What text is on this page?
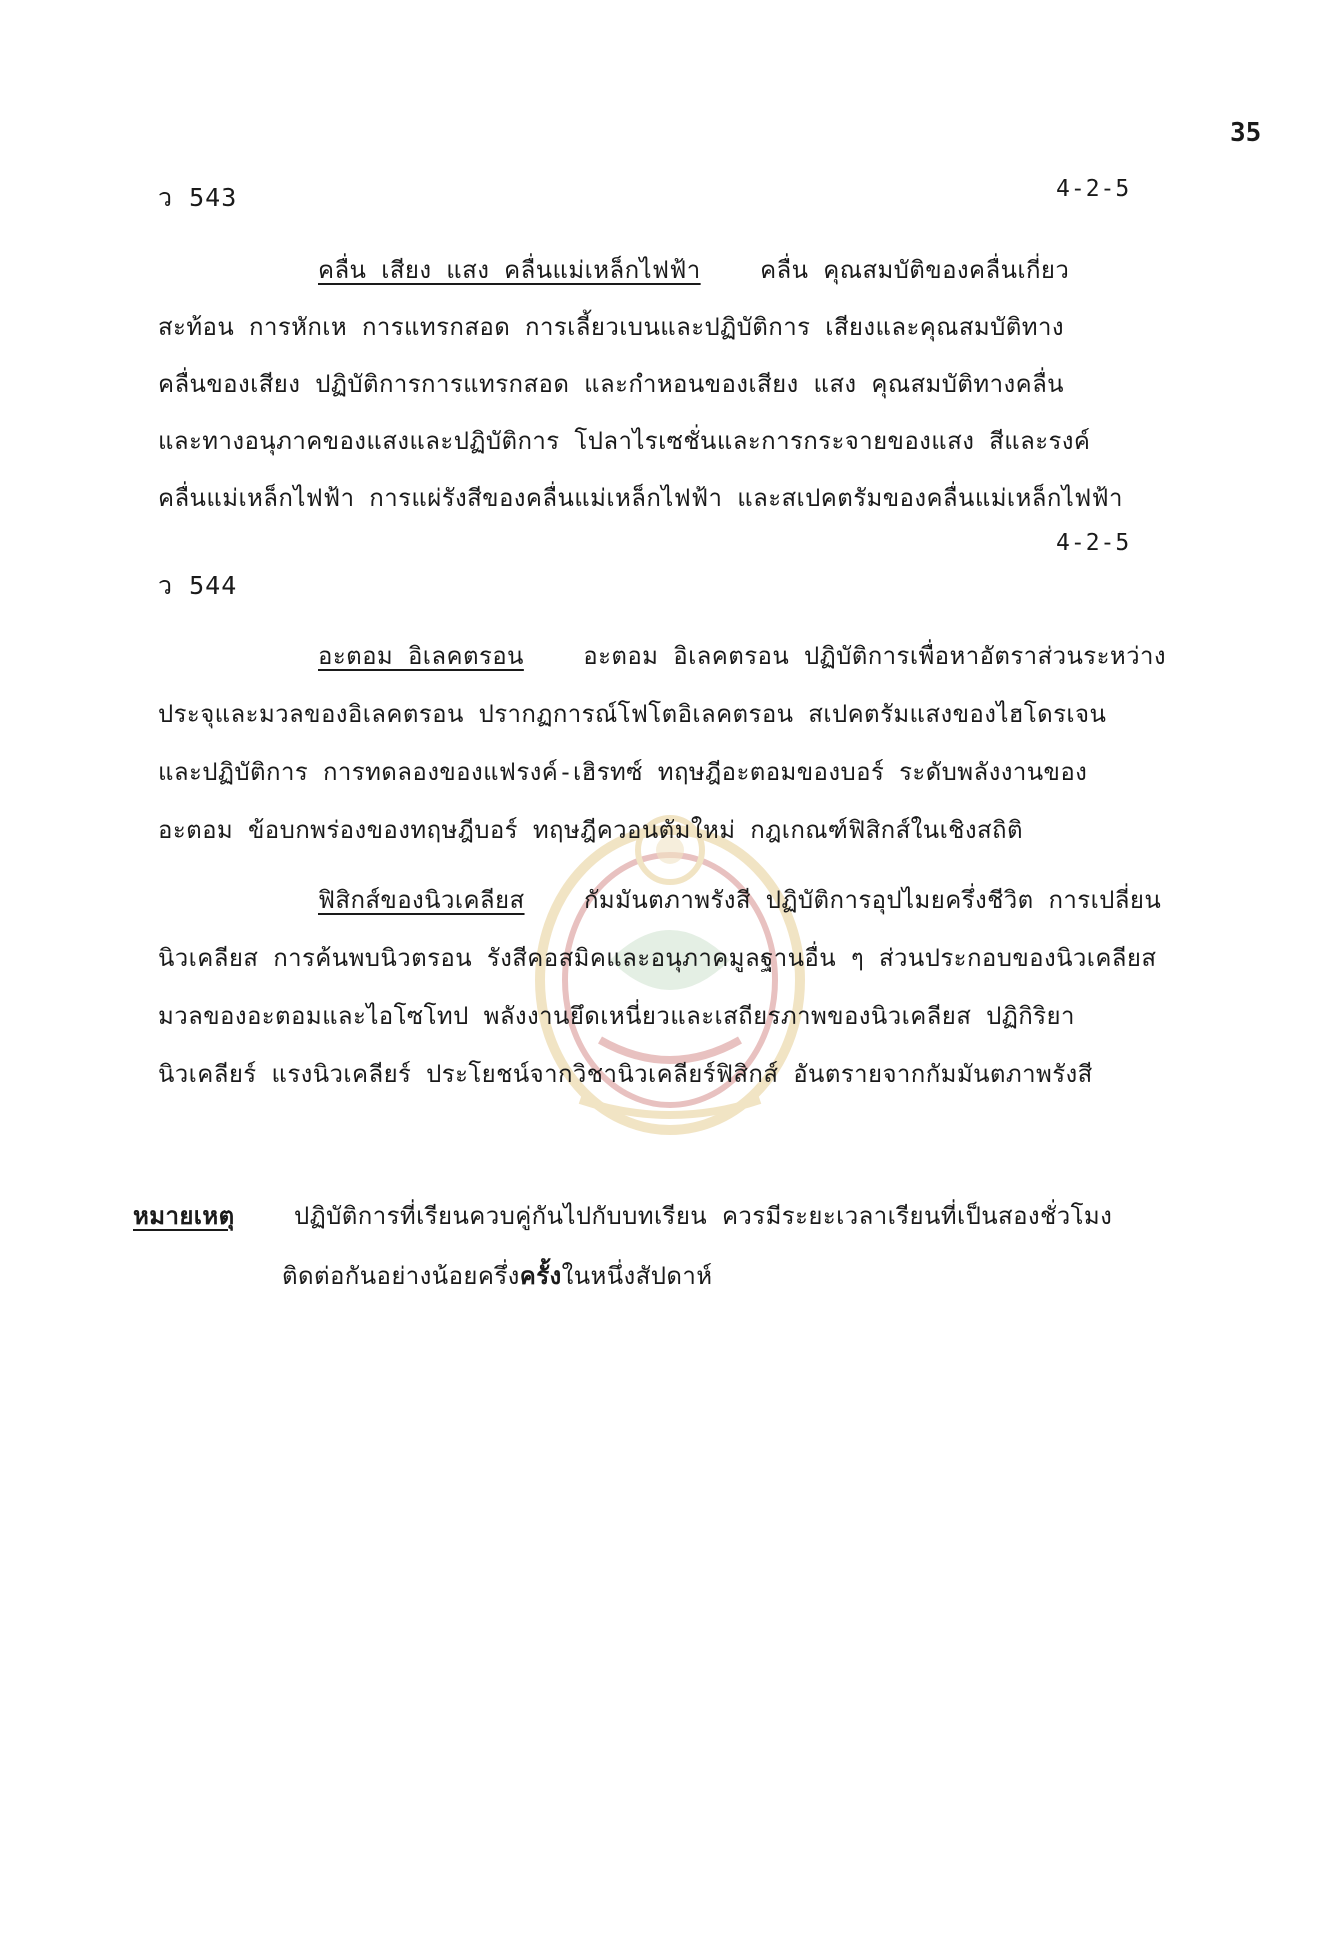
35
ว 543	4-2-5
คลื่น เสียง แสง คลื่นแม่เหล็กไฟฟ้า คลื่น คุณสมบัติของคลื่นเกี่ยว
สะท้อน การหักเห การแทรกสอด การเลี้ยวเบนและปฏิบัติการ เสียงและคุณสมบัติทาง
คลื่นของเสียง ปฏิบัติการการแทรกสอด และกำหอนของเสียง แสง คุณสมบัติทางคลื่น
และทางอนุภาคของแสงและปฏิบัติการ โปลาไรเซชั่นและการกระจายของแสง สีและรงค์
คลื่นแม่เหล็กไฟฟ้า การแผ่รังสีของคลื่นแม่เหล็กไฟฟ้า และสเปคตรัมของคลื่นแม่เหล็กไฟฟ้า
4-2-5
ว 544
อะตอม อิเลคตรอน อะตอม อิเลคตรอน ปฏิบัติการเพื่อหาอัตราส่วนระหว่าง
ประจุและมวลของอิเลคตรอน ปรากฏการณ์โฟโตอิเลคตรอน สเปคตรัมแสงของไฮโดรเจน
และปฏิบัติการ การทดลองของแฟรงค์-เฮิรทซ์ ทฤษฎีอะตอมของบอร์ ระดับพลังงานของ
อะตอม ข้อบกพร่องของทฤษฎีบอร์ ทฤษฎีควอนตัมใหม่ กฎเกณฑ์ฟิสิกส์ในเชิงสถิติ
ฟิสิกส์ของนิวเคลียส กัมมันตภาพรังสี ปฏิบัติการอุปไมยครึ่งชีวิต การเปลี่ยน
นิวเคลียส การค้นพบนิวตรอน รังสีคอสมิคและอนุภาคมูลฐานอื่น ๆ ส่วนประกอบของนิวเคลียส
มวลของอะตอมและไอโซโทป พลังงานยึดเหนี่ยวและเสถียรภาพของนิวเคลียส ปฏิกิริยา
นิวเคลียร์ แรงนิวเคลียร์ ประโยชน์จากวิชานิวเคลียร์ฟิสิกส์ อันตรายจากกัมมันตภาพรังสี
หมายเหตุ ปฏิบัติการที่เรียนควบคู่กันไปกับบทเรียน ควรมีระยะเวลาเรียนที่เป็นสองชั่วโมง
ติดต่อกันอย่างน้อยครึ่งครั้งในหนึ่งสัปดาห์
